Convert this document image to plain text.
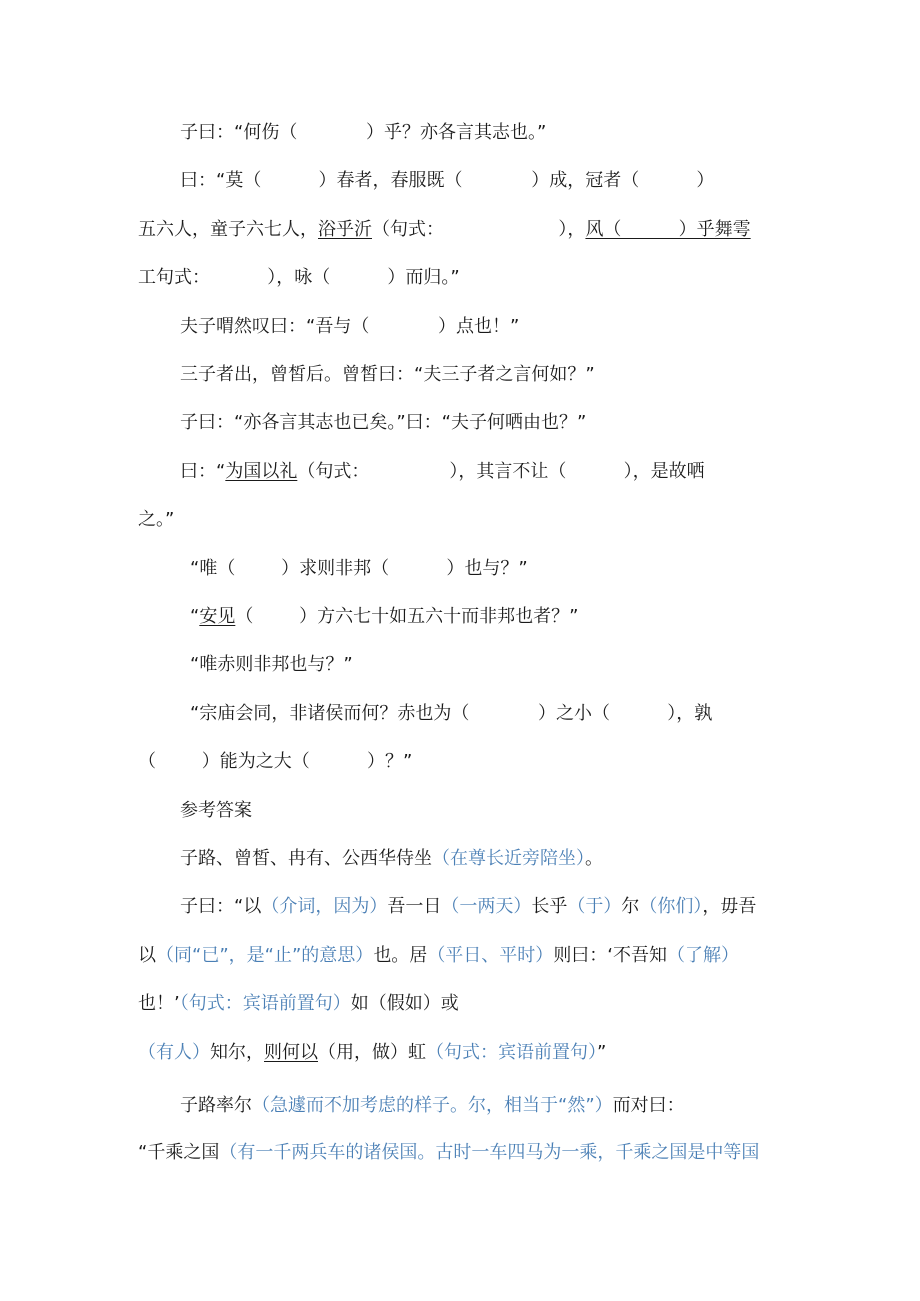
子曰：“何伤（            ）乎？亦各言其志也。”
曰：“莫（          ）春者，春服既（            ）成，冠者（          ）
五六人，童子六七人，浴乎沂（句式：                    ），风（          ）乎舞雩
工句式：          ），咏（          ）而归。”
夫子喟然叹曰：“吾与（            ）点也！”
三子者出，曾皙后。曾皙曰：“夫三子者之言何如？”
子曰：“亦各言其志也已矣。”曰：“夫子何哂由也？”
曰：“为国以礼（句式：              ），其言不让（          ），是故哂
之。”
“唯（        ）求则非邦（          ）也与？”
“安见（        ）方六七十如五六十而非邦也者？”
“唯赤则非邦也与？”
“宗庙会同，非诸侯而何？赤也为（            ）之小（          ），孰
（        ）能为之大（          ）？”
参考答案
子路、曾皙、冉有、公西华侍坐（在尊长近旁陪坐）。
子曰：“以（介词，因为）吾一日（一两天）长乎（于）尔（你们），毋吾
以（同“已”，是“止”的意思）也。居（平日、平时）则曰：‘不吾知（了解）
也！’（句式：宾语前置句）如（假如）或
（有人）知尔，则何以（用，做）虹（句式：宾语前置句）”
子路率尔（急遽而不加考虑的样子。尔，相当于“然”）而对曰：
“千乘之国（有一千两兵车的诸侯国。古时一车四马为一乘，千乘之国是中等国
